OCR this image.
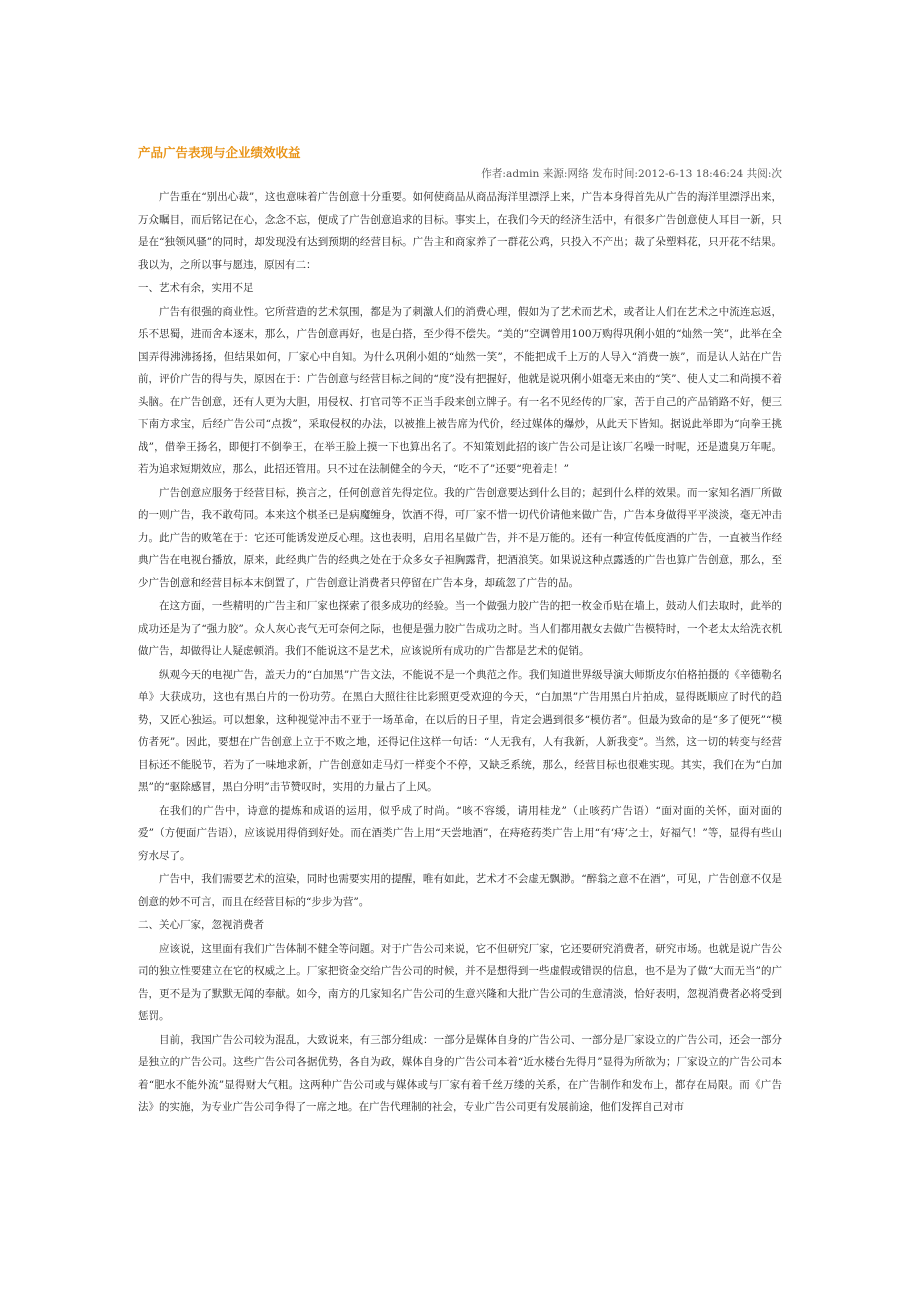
产品广告表现与企业绩效收益
作者:admin 来源:网络 发布时间:2012-6-13 18:46:24 共阅:次

广告重在“别出心裁”，这也意味着广告创意十分重要。如何使商品从商品海洋里漂浮上来，广告本身得首先从广告的海洋里漂浮出来，万众瞩目，而后铭记在心，念念不忘，便成了广告创意追求的目标。事实上，在我们今天的经济生活中，有很多广告创意使人耳目一新，只是在“独领风骚”的同时，却发现没有达到预期的经营目标。广告主和商家养了一群花公鸡，只投入不产出；裁了朵塑料花，只开花不结果。我以为，之所以事与愿违，原因有二：

一、艺术有余，实用不足

广告有很强的商业性。它所营造的艺术氛围，都是为了刺激人们的消费心理，假如为了艺术而艺术，或者让人们在艺术之中流连忘返，乐不思蜀，进而舍本逐末，那么，广告创意再好，也是白搭，至少得不偿失。“美的”空调曾用100万购得巩俐小姐的“灿然一笑”，此举在全国弄得沸沸扬扬，但结果如何，厂家心中自知。为什么巩俐小姐的“灿然一笑”，不能把成千上万的人导入“消费一族”，而是认人站在广告前，评价广告的得与失，原因在于：广告创意与经营目标之间的“度”没有把握好，他就是说巩俐小姐毫无来由的“笑”、使人丈二和尚摸不着头脑。在广告创意，还有人更为大胆，用侵权、打官司等不正当手段来创立牌子。有一名不见经传的厂家，苦于自己的产品销路不好，便三下南方求宝，后经广告公司“点拨”，采取侵权的办法，以被推上被告席为代价，经过媒体的爆炒，从此天下皆知。据说此举即为“向拳王挑战”，借拳王扬名，即便打不倒拳王，在举王脸上摸一下也算出名了。不知策划此招的该广告公司是让该厂名噪一时呢，还是遗臭万年呢。若为追求短期效应，那么，此招还管用。只不过在法制健全的今天，“吃不了”还要“兜着走！”

广告创意应服务于经营目标，换言之，任何创意首先得定位。我的广告创意要达到什么目的；起到什么样的效果。而一家知名酒厂所做的一则广告，我不敢苟同。本来这个棋圣已是病魔缠身，饮酒不得，可厂家不惜一切代价请他来做广告，广告本身做得平平淡淡，毫无冲击力。此广告的败笔在于：它还可能诱发逆反心理。这也表明，启用名星做广告，并不是万能的。还有一种宣传低度酒的广告，一直被当作经典广告在电视台播放，原来，此经典广告的经典之处在于众多女子袒胸露背，把酒浪笑。如果说这种点露透的广告也算广告创意，那么，至少广告创意和经营目标本末倒置了，广告创意让消费者只停留在广告本身，却疏忽了广告的品。

在这方面，一些精明的广告主和厂家也探索了很多成功的经验。当一个做强力胶广告的把一枚金币贴在墙上，鼓动人们去取时，此举的成功还是为了“强力胶”。众人灰心丧气无可奈何之际，也便是强力胶广告成功之时。当人们都用靓女去做广告模特时，一个老太太给洗衣机做广告，却做得让人疑虑顿消。我们不能说这不是艺术，应该说所有成功的广告都是艺术的促销。

纵观今天的电视广告，盖天力的“白加黑”广告文法，不能说不是一个典范之作。我们知道世界级导演大师斯皮尔伯格拍摄的《辛德勒名单》大获成功，这也有黑白片的一份功劳。在黑白大照往往比彩照更受欢迎的今天，“白加黑”广告用黑白片拍成，显得既顺应了时代的趋势，又匠心独运。可以想象，这种视觉冲击不亚于一场革命，在以后的日子里，肯定会遇到很多“模仿者”。但最为致命的是“多了便死”“模仿者死”。因此，要想在广告创意上立于不败之地，还得记住这样一句话：“人无我有，人有我新，人新我变”。当然，这一切的转变与经营目标还不能脱节，若为了一味地求新，广告创意如走马灯一样变个不停，又缺乏系统，那么，经营目标也很难实现。其实，我们在为“白加黑”的“驱除感冒，黑白分明”击节赞叹时，实用的力量占了上风。

在我们的广告中，诗意的提炼和成语的运用，似乎成了时尚。“咳不容缓，请用桂龙”（止咳药广告语）“面对面的关怀，面对面的爱”（方便面广告语），应该说用得俏到好处。而在酒类广告上用“天尝地酒”，在痔疮药类广告上用“有‘痔’之士，好福气！”等，显得有些山穷水尽了。

广告中，我们需要艺术的渲染，同时也需要实用的提醒，唯有如此，艺术才不会虚无飘渺。“醉翁之意不在酒”，可见，广告创意不仅是创意的妙不可言，而且在经营目标的“步步为营”。

二、关心厂家，忽视消费者

应该说，这里面有我们广告体制不健全等问题。对于广告公司来说，它不但研究厂家，它还要研究消费者，研究市场。也就是说广告公司的独立性要建立在它的权威之上。厂家把资金交给广告公司的时候，并不是想得到一些虚假或错误的信息，也不是为了做“大而无当”的广告，更不是为了默默无闻的奉献。如今，南方的几家知名广告公司的生意兴隆和大批广告公司的生意清淡，恰好表明，忽视消费者必将受到惩罚。

目前，我国广告公司较为混乱，大致说来，有三部分组成：一部分是媒体自身的广告公司、一部分是厂家设立的广告公司，还会一部分是独立的广告公司。这些广告公司各据优势，各自为政，媒体自身的广告公司本着“近水楼台先得月”显得为所欲为；厂家设立的广告公司本着“肥水不能外流”显得财大气粗。这两种广告公司或与媒体或与厂家有着千丝万缕的关系，在广告制作和发布上，都存在局限。而《广告法》的实施，为专业广告公司争得了一席之地。在广告代理制的社会，专业广告公司更有发展前途，他们发挥自己对市
